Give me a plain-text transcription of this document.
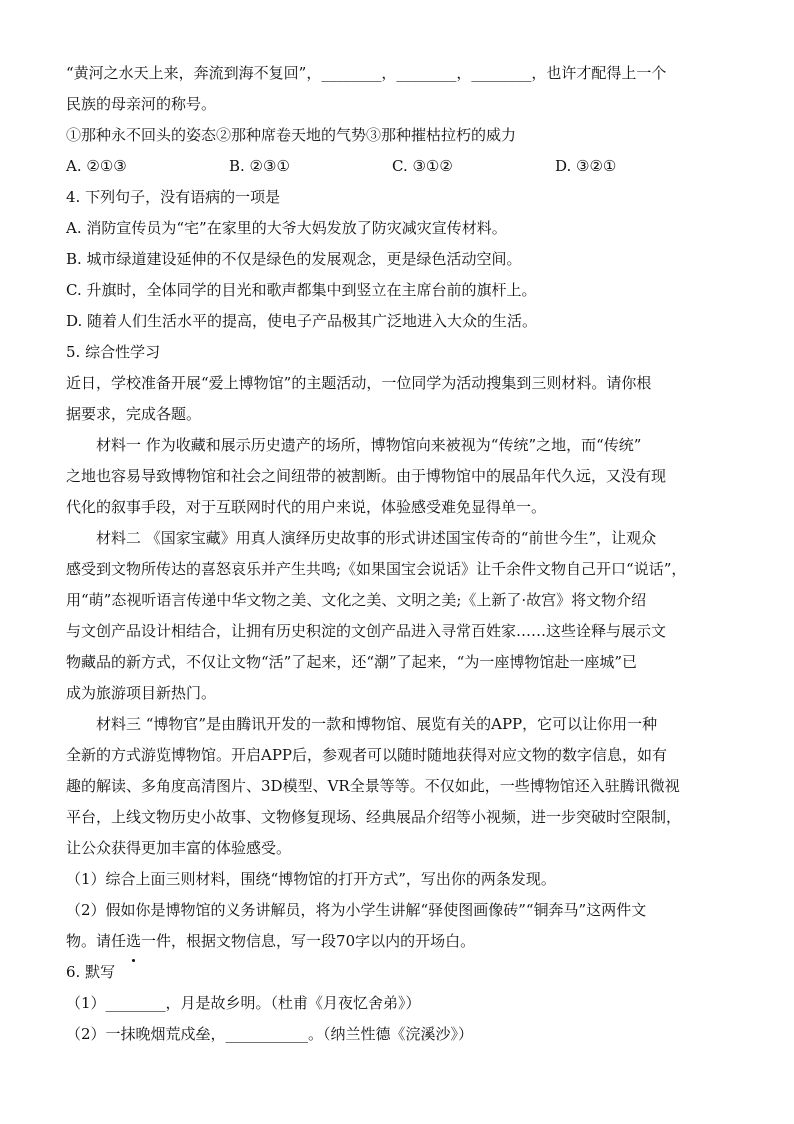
“黄河之水天上来，奔流到海不复回”，________，________，________，也许才配得上一个

民族的母亲河的称号。

①那种永不回头的姿态②那种席卷天地的气势③那种摧枯拉朽的威力

A. ②①③	B. ②③①	C. ③①②	D. ③②①

4. 下列句子，没有语病的一项是

A. 消防宣传员为“宅”在家里的大爷大妈发放了防灾减灾宣传材料。

B. 城市绿道建设延伸的不仅是绿色的发展观念，更是绿色活动空间。

C. 升旗时，全体同学的目光和歌声都集中到竖立在主席台前的旗杆上。

D. 随着人们生活水平的提高，使电子产品极其广泛地进入大众的生活。

5. 综合性学习

近日，学校准备开展“爱上博物馆”的主题活动，一位同学为活动搜集到三则材料。请你根

据要求，完成各题。

材料一 作为收藏和展示历史遗产的场所，博物馆向来被视为“传统”之地，而“传统”

之地也容易导致博物馆和社会之间纽带的被割断。由于博物馆中的展品年代久远，又没有现

代化的叙事手段，对于互联网时代的用户来说，体验感受难免显得单一。

材料二 《国家宝藏》用真人演绎历史故事的形式讲述国宝传奇的“前世今生”，让观众

感受到文物所传达的喜怒哀乐并产生共鸣;《如果国宝会说话》让千余件文物自己开口“说话”，

用“萌”态视听语言传递中华文物之美、文化之美、文明之美;《上新了·故宫》将文物介绍

与文创产品设计相结合，让拥有历史积淀的文创产品进入寻常百姓家……这些诠释与展示文

物藏品的新方式，不仅让文物“活”了起来，还“潮”了起来，“为一座博物馆赴一座城”已

成为旅游项目新热门。

材料三 “博物官”是由腾讯开发的一款和博物馆、展览有关的APP，它可以让你用一种

全新的方式游览博物馆。开启APP后，参观者可以随时随地获得对应文物的数字信息，如有

趣的解读、多角度高清图片、3D模型、VR全景等等。不仅如此，一些博物馆还入驻腾讯微视

平台，上线文物历史小故事、文物修复现场、经典展品介绍等小视频，进一步突破时空限制，

让公众获得更加丰富的体验感受。

（1）综合上面三则材料，围绕“博物馆的打开方式”，写出你的两条发现。

（2）假如你是博物馆的义务讲解员，将为小学生讲解“驿使图画像砖”“铜奔马”这两件文

物。请任选一件，根据文物信息，写一段70字以内的开场白。

6. 默写

（1）________，月是故乡明。（杜甫《月夜忆舍弟》）

（2）一抹晚烟荒戍垒，___________。（纳兰性德《浣溪沙》）
